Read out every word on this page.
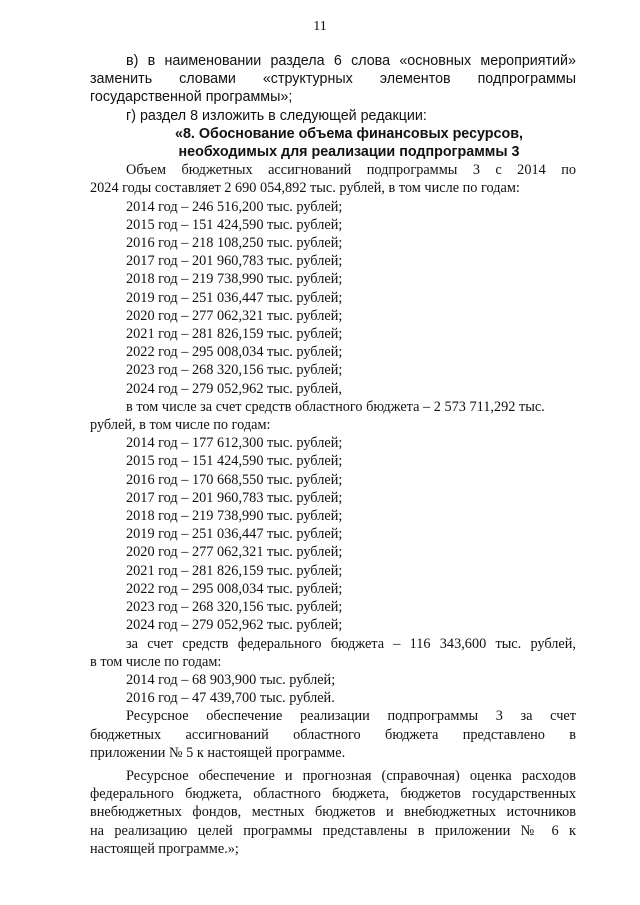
11

в) в наименовании раздела 6 слова «основных мероприятий»

заменить словами «структурных элементов подпрограммы

государственной программы»;

г) раздел 8 изложить в следующей редакции:

«8. Обоснование объема финансовых ресурсов, необходимых для реализации подпрограммы 3

Объем бюджетных ассигнований подпрограммы 3 с 2014 по

2024 годы составляет 2 690 054,892 тыс. рублей, в том числе по годам:

2014 год – 246 516,200 тыс. рублей;

2015 год – 151 424,590 тыс. рублей;

2016 год – 218 108,250 тыс. рублей;

2017 год – 201 960,783 тыс. рублей;

2018 год – 219 738,990 тыс. рублей;

2019 год – 251 036,447 тыс. рублей;

2020 год – 277 062,321 тыс. рублей;

2021 год – 281 826,159 тыс. рублей;

2022 год – 295 008,034 тыс. рублей;

2023 год – 268 320,156 тыс. рублей;

2024 год – 279 052,962 тыс. рублей,

в том числе за счет средств областного бюджета – 2 573 711,292 тыс.

рублей, в том числе по годам:

2014 год – 177 612,300 тыс. рублей;

2015 год – 151 424,590 тыс. рублей;

2016 год – 170 668,550 тыс. рублей;

2017 год – 201 960,783 тыс. рублей;

2018 год – 219 738,990 тыс. рублей;

2019 год – 251 036,447 тыс. рублей;

2020 год – 277 062,321 тыс. рублей;

2021 год – 281 826,159 тыс. рублей;

2022 год – 295 008,034 тыс. рублей;

2023 год – 268 320,156 тыс. рублей;

2024 год – 279 052,962 тыс. рублей;

за счет средств федерального бюджета – 116 343,600 тыс. рублей,

в том числе по годам:

2014 год – 68 903,900 тыс. рублей;

2016 год – 47 439,700 тыс. рублей.

Ресурсное обеспечение реализации подпрограммы 3 за счет

бюджетных ассигнований областного бюджета представлено в

приложении № 5 к настоящей программе.

Ресурсное обеспечение и прогнозная (справочная) оценка расходов

федерального бюджета, областного бюджета, бюджетов государственных

внебюджетных фондов, местных бюджетов и внебюджетных источников

на реализацию целей программы представлены в приложении № 6 к

настоящей программе.»;
